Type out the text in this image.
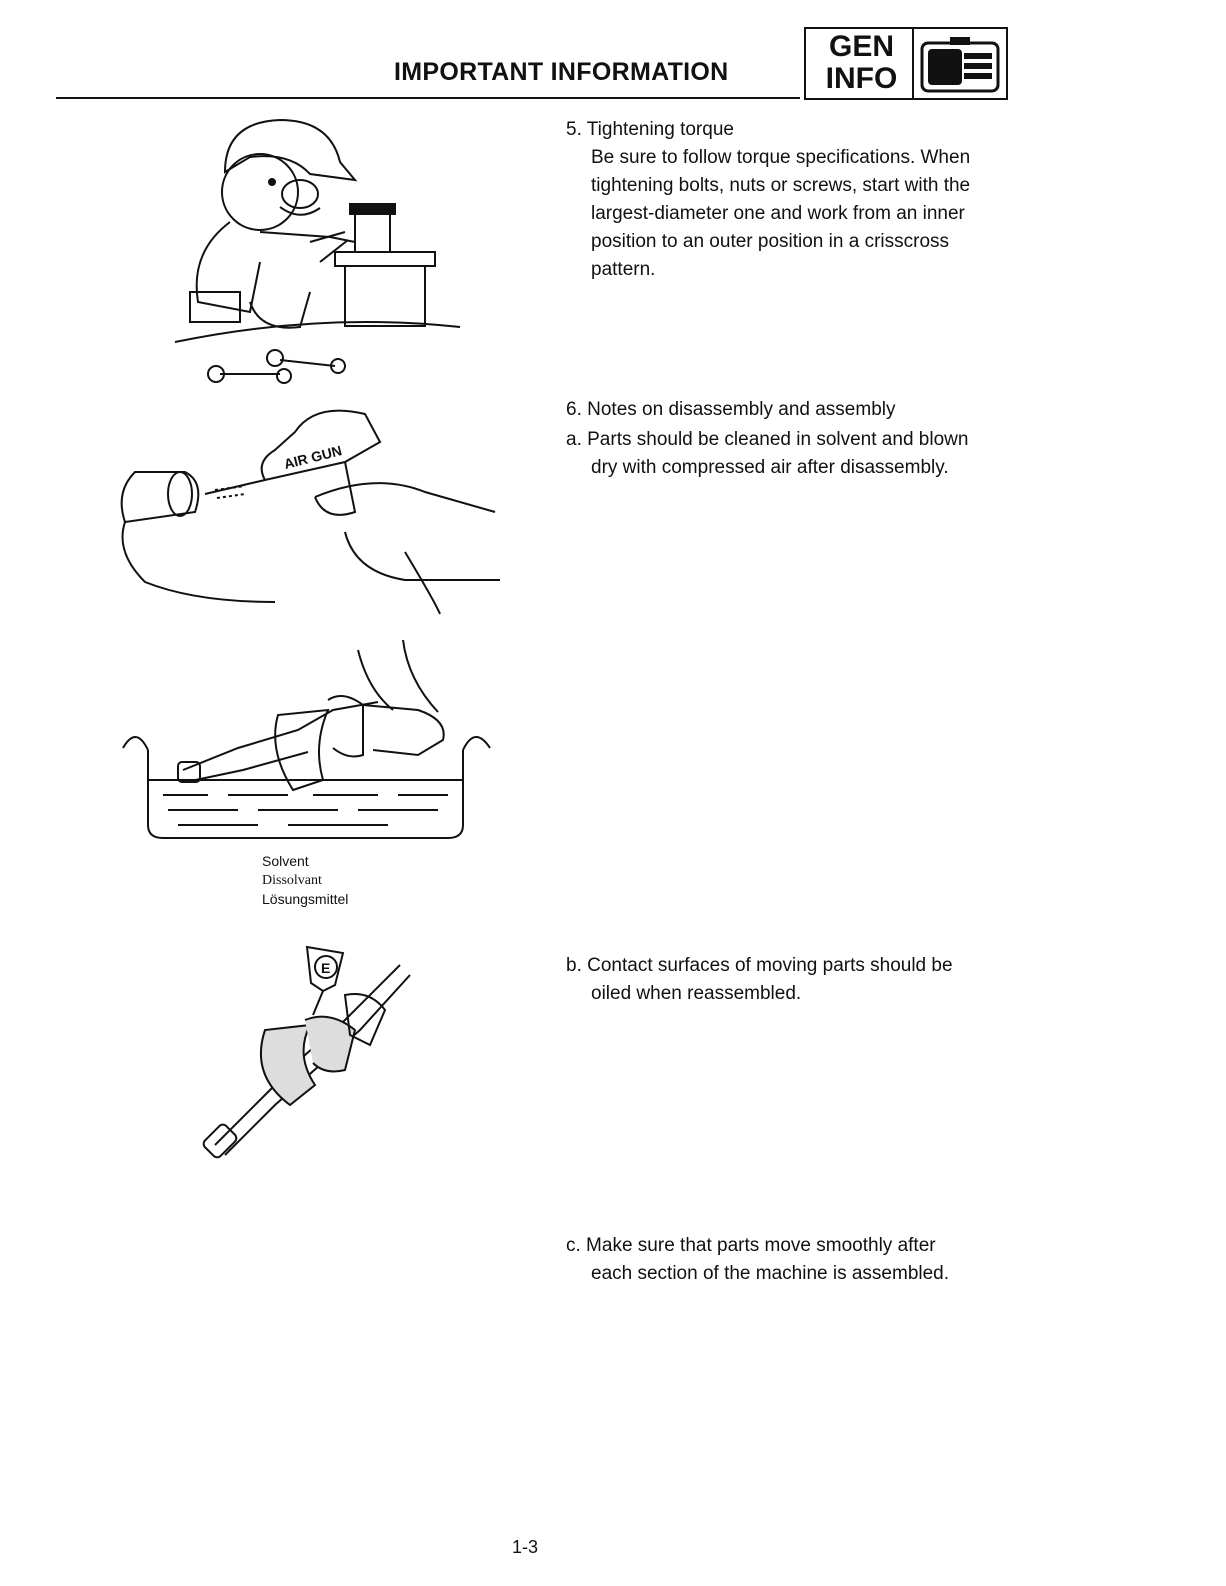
IMPORTANT INFORMATION
GEN
INFO
AIR GUN
Solvent
Dissolvant
Lösungsmittel
E
5. Tightening torque
Be sure to follow torque specifications. When
tightening bolts, nuts or screws, start with the
largest-diameter one and work from an inner
position to an outer position in a crisscross
pattern.
6. Notes on disassembly and assembly
a. Parts should be cleaned in solvent and blown
dry with compressed air after disassembly.
b. Contact surfaces of moving parts should be
oiled when reassembled.
c. Make sure that parts move smoothly after
each section of the machine is assembled.
1-3
